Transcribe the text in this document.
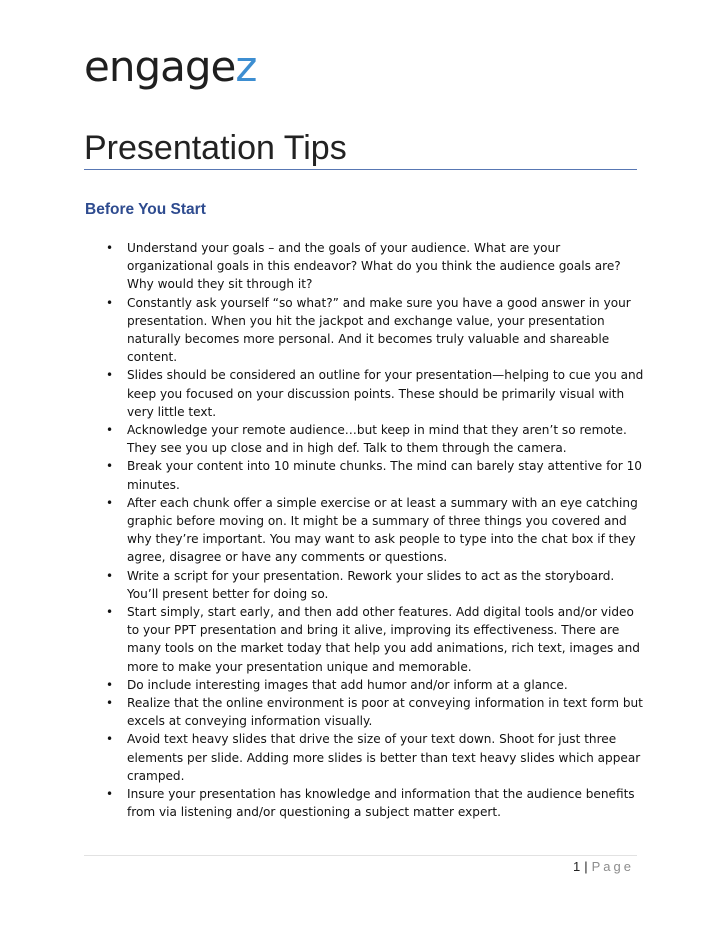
engagez
Presentation Tips
Before You Start
• Understand your goals – and the goals of your audience. What are your organizational goals in this endeavor? What do you think the audience goals are? Why would they sit through it?
• Constantly ask yourself “so what?” and make sure you have a good answer in your presentation. When you hit the jackpot and exchange value, your presentation naturally becomes more personal. And it becomes truly valuable and shareable content.
• Slides should be considered an outline for your presentation—helping to cue you and keep you focused on your discussion points. These should be primarily visual with very little text.
• Acknowledge your remote audience…but keep in mind that they aren’t so remote. They see you up close and in high def. Talk to them through the camera.
• Break your content into 10 minute chunks. The mind can barely stay attentive for 10 minutes.
• After each chunk offer a simple exercise or at least a summary with an eye catching graphic before moving on. It might be a summary of three things you covered and why they’re important. You may want to ask people to type into the chat box if they agree, disagree or have any comments or questions.
• Write a script for your presentation. Rework your slides to act as the storyboard. You’ll present better for doing so.
• Start simply, start early, and then add other features. Add digital tools and/or video to your PPT presentation and bring it alive, improving its effectiveness. There are many tools on the market today that help you add animations, rich text, images and more to make your presentation unique and memorable.
• Do include interesting images that add humor and/or inform at a glance.
• Realize that the online environment is poor at conveying information in text form but excels at conveying information visually.
• Avoid text heavy slides that drive the size of your text down. Shoot for just three elements per slide. Adding more slides is better than text heavy slides which appear cramped.
• Insure your presentation has knowledge and information that the audience benefits from via listening and/or questioning a subject matter expert.
1 | Page
